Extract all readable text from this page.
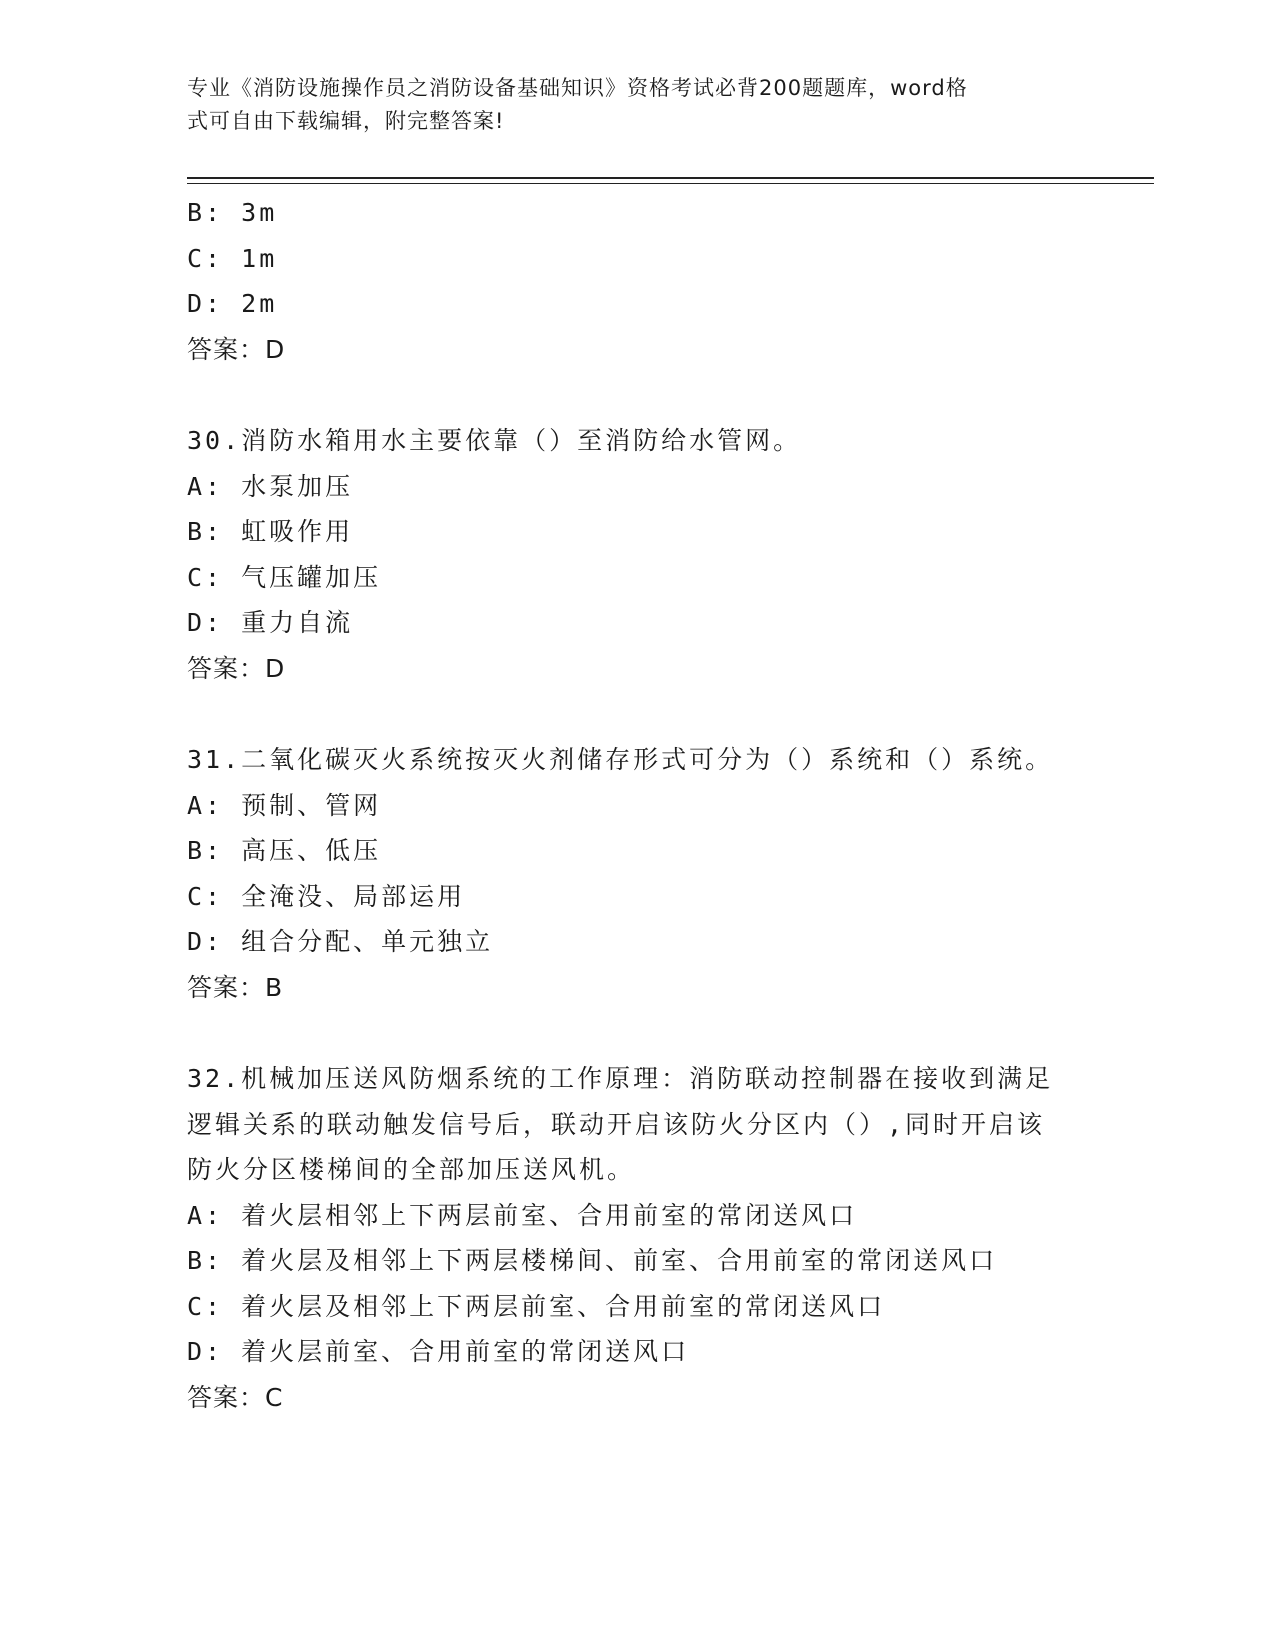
专业《消防设施操作员之消防设备基础知识》资格考试必背200题题库，word格
式可自由下载编辑，附完整答案!
B: 3m
C: 1m
D: 2m
答案：D
30.消防水箱用水主要依靠（）至消防给水管网。
A: 水泵加压
B: 虹吸作用
C: 气压罐加压
D: 重力自流
答案：D
31.二氧化碳灭火系统按灭火剂储存形式可分为（）系统和（）系统。
A: 预制、管网
B: 高压、低压
C: 全淹没、局部运用
D: 组合分配、单元独立
答案：B
32.机械加压送风防烟系统的工作原理：消防联动控制器在接收到满足
逻辑关系的联动触发信号后，联动开启该防火分区内（）,同时开启该
防火分区楼梯间的全部加压送风机。
A: 着火层相邻上下两层前室、合用前室的常闭送风口
B: 着火层及相邻上下两层楼梯间、前室、合用前室的常闭送风口
C: 着火层及相邻上下两层前室、合用前室的常闭送风口
D: 着火层前室、合用前室的常闭送风口
答案：C
